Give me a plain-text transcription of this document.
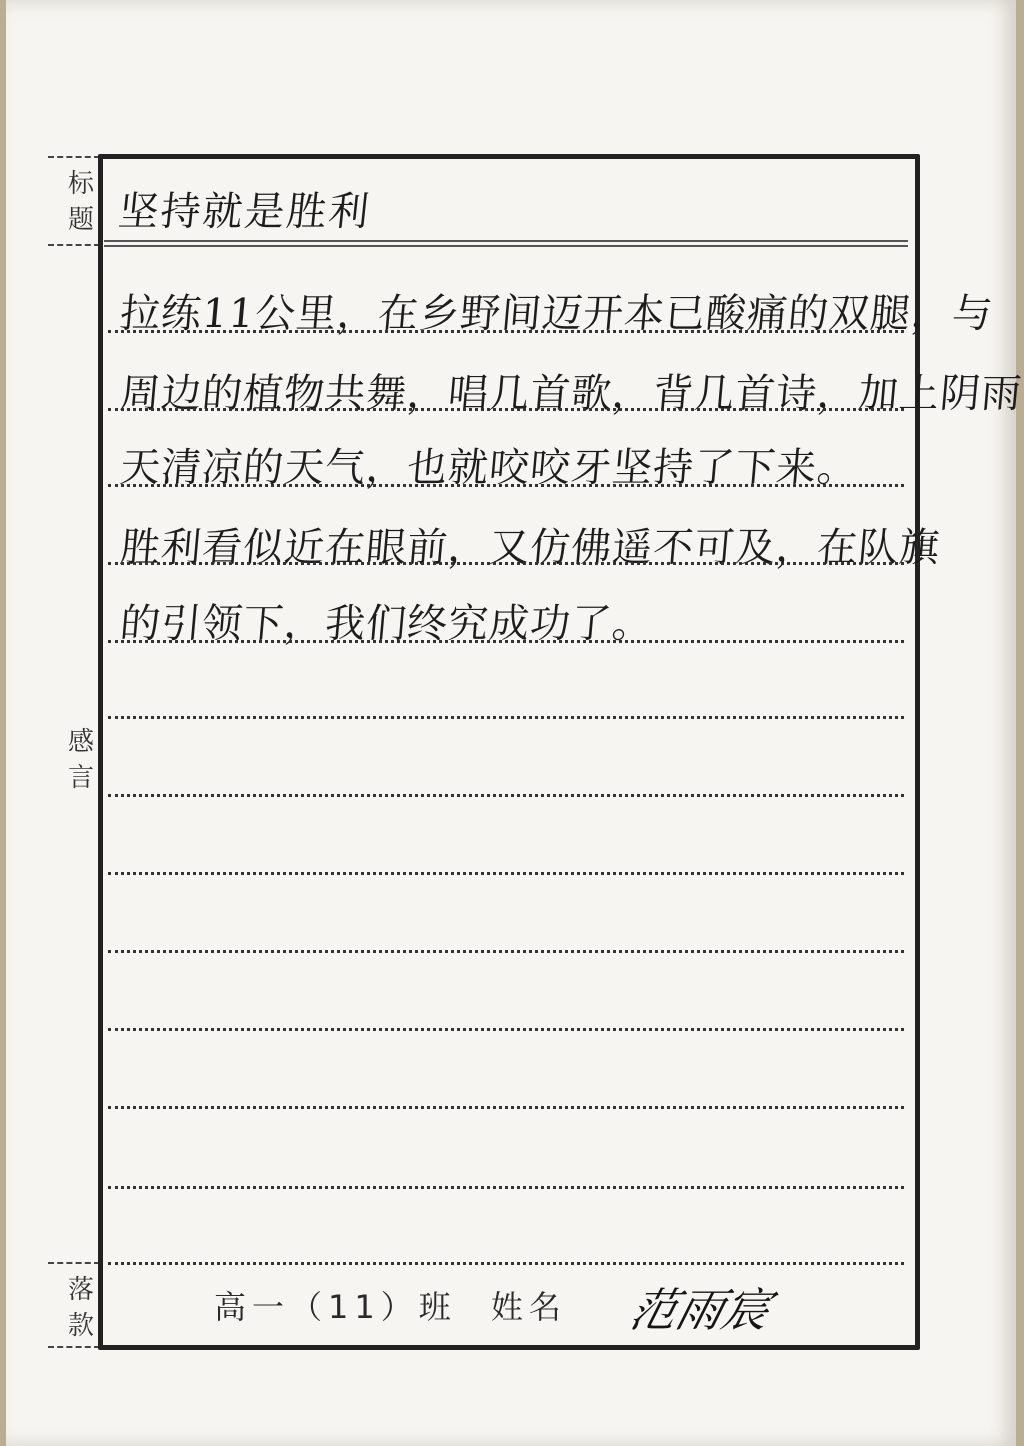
标
题
感
言
落
款
坚持就是胜利
拉练11公里，在乡野间迈开本已酸痛的双腿，与
周边的植物共舞，唱几首歌，背几首诗，加上阴雨
天清凉的天气，也就咬咬牙坚持了下来。
胜利看似近在眼前，又仿佛遥不可及，在队旗
的引领下，我们终究成功了。
高一（11）班 姓名 范雨宸
